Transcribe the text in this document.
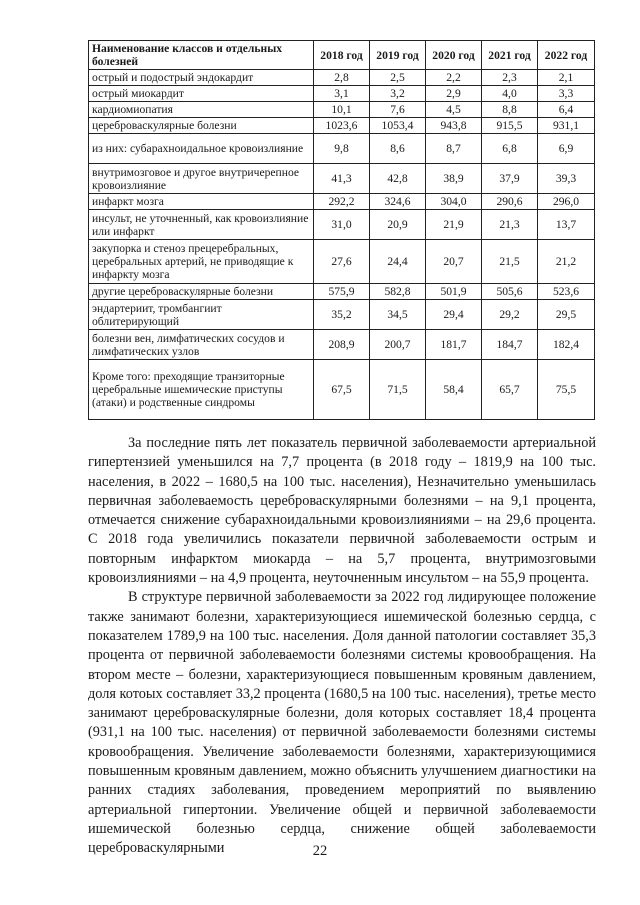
Наименование классов и отдельных болезней	2018 год	2019 год	2020 год	2021 год	2022 год
острый и подострый эндокардит	2,8	2,5	2,2	2,3	2,1
острый миокардит	3,1	3,2	2,9	4,0	3,3
кардиомиопатия	10,1	7,6	4,5	8,8	6,4
цереброваскулярные болезни	1023,6	1053,4	943,8	915,5	931,1
из них: субарахноидальное кровоизлияние	9,8	8,6	8,7	6,8	6,9
внутримозговое и другое внутричерепное кровоизлияние	41,3	42,8	38,9	37,9	39,3
инфаркт мозга	292,2	324,6	304,0	290,6	296,0
инсульт, не уточненный, как кровоизлияние или инфаркт	31,0	20,9	21,9	21,3	13,7
закупорка и стеноз прецеребральных, церебральных артерий, не приводящие к инфаркту мозга	27,6	24,4	20,7	21,5	21,2
другие цереброваскулярные болезни	575,9	582,8	501,9	505,6	523,6
эндартериит, тромбангиит облитерирующий	35,2	34,5	29,4	29,2	29,5
болезни вен, лимфатических сосудов и лимфатических узлов	208,9	200,7	181,7	184,7	182,4
Кроме того: преходящие транзиторные церебральные ишемические приступы (атаки) и родственные синдромы	67,5	71,5	58,4	65,7	75,5

За последние пять лет показатель первичной заболеваемости артериальной гипертензией уменьшился на 7,7 процента (в 2018 году – 1819,9 на 100 тыс. населения, в 2022 – 1680,5 на 100 тыс. населения), Незначительно уменьшилась первичная заболеваемость цереброваскулярными болезнями – на 9,1 процента, отмечается снижение субарахноидальными кровоизлияниями – на 29,6 процента. С 2018 года увеличились показатели первичной заболеваемости острым и повторным инфарктом миокарда – на 5,7 процента, внутримозговыми кровоизлияниями – на 4,9 процента, неуточненным инсультом – на 55,9 процента.

В структуре первичной заболеваемости за 2022 год лидирующее положение также занимают болезни, характеризующиеся ишемической болезнью сердца, с показателем 1789,9 на 100 тыс. населения. Доля данной патологии составляет 35,3 процента от первичной заболеваемости болезнями системы кровообращения. На втором месте – болезни, характеризующиеся повышенным кровяным давлением, доля котоых составляет 33,2 процента (1680,5 на 100 тыс. населения), третье место занимают цереброваскулярные болезни, доля которых составляет 18,4 процента (931,1 на 100 тыс. населения) от первичной заболеваемости болезнями системы кровообращения. Увеличение заболеваемости болезнями, характеризующимися повышенным кровяным давлением, можно объяснить улучшением диагностики на ранних стадиях заболевания, проведением мероприятий по выявлению артериальной гипертонии. Увеличение общей и первичной заболеваемости ишемической болезнью сердца, снижение общей заболеваемости цереброваскулярными	22
